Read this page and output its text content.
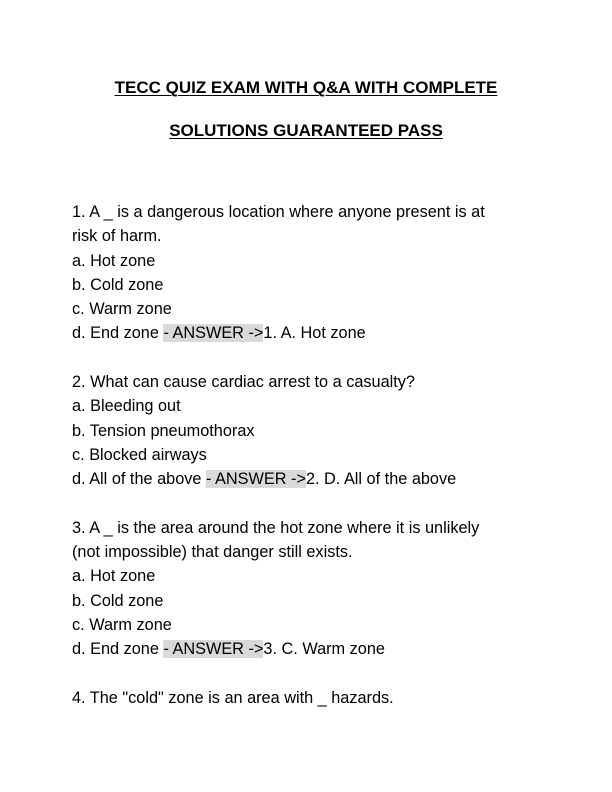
TECC QUIZ EXAM WITH Q&A WITH COMPLETE
SOLUTIONS GUARANTEED PASS
1. A _ is a dangerous location where anyone present is at
risk of harm.
a. Hot zone
b. Cold zone
c. Warm zone
d. End zone - ANSWER ->1. A. Hot zone
2. What can cause cardiac arrest to a casualty?
a. Bleeding out
b. Tension pneumothorax
c. Blocked airways
d. All of the above - ANSWER ->2. D. All of the above
3. A _ is the area around the hot zone where it is unlikely
(not impossible) that danger still exists.
a. Hot zone
b. Cold zone
c. Warm zone
d. End zone - ANSWER ->3. C. Warm zone
4. The "cold" zone is an area with _ hazards.
